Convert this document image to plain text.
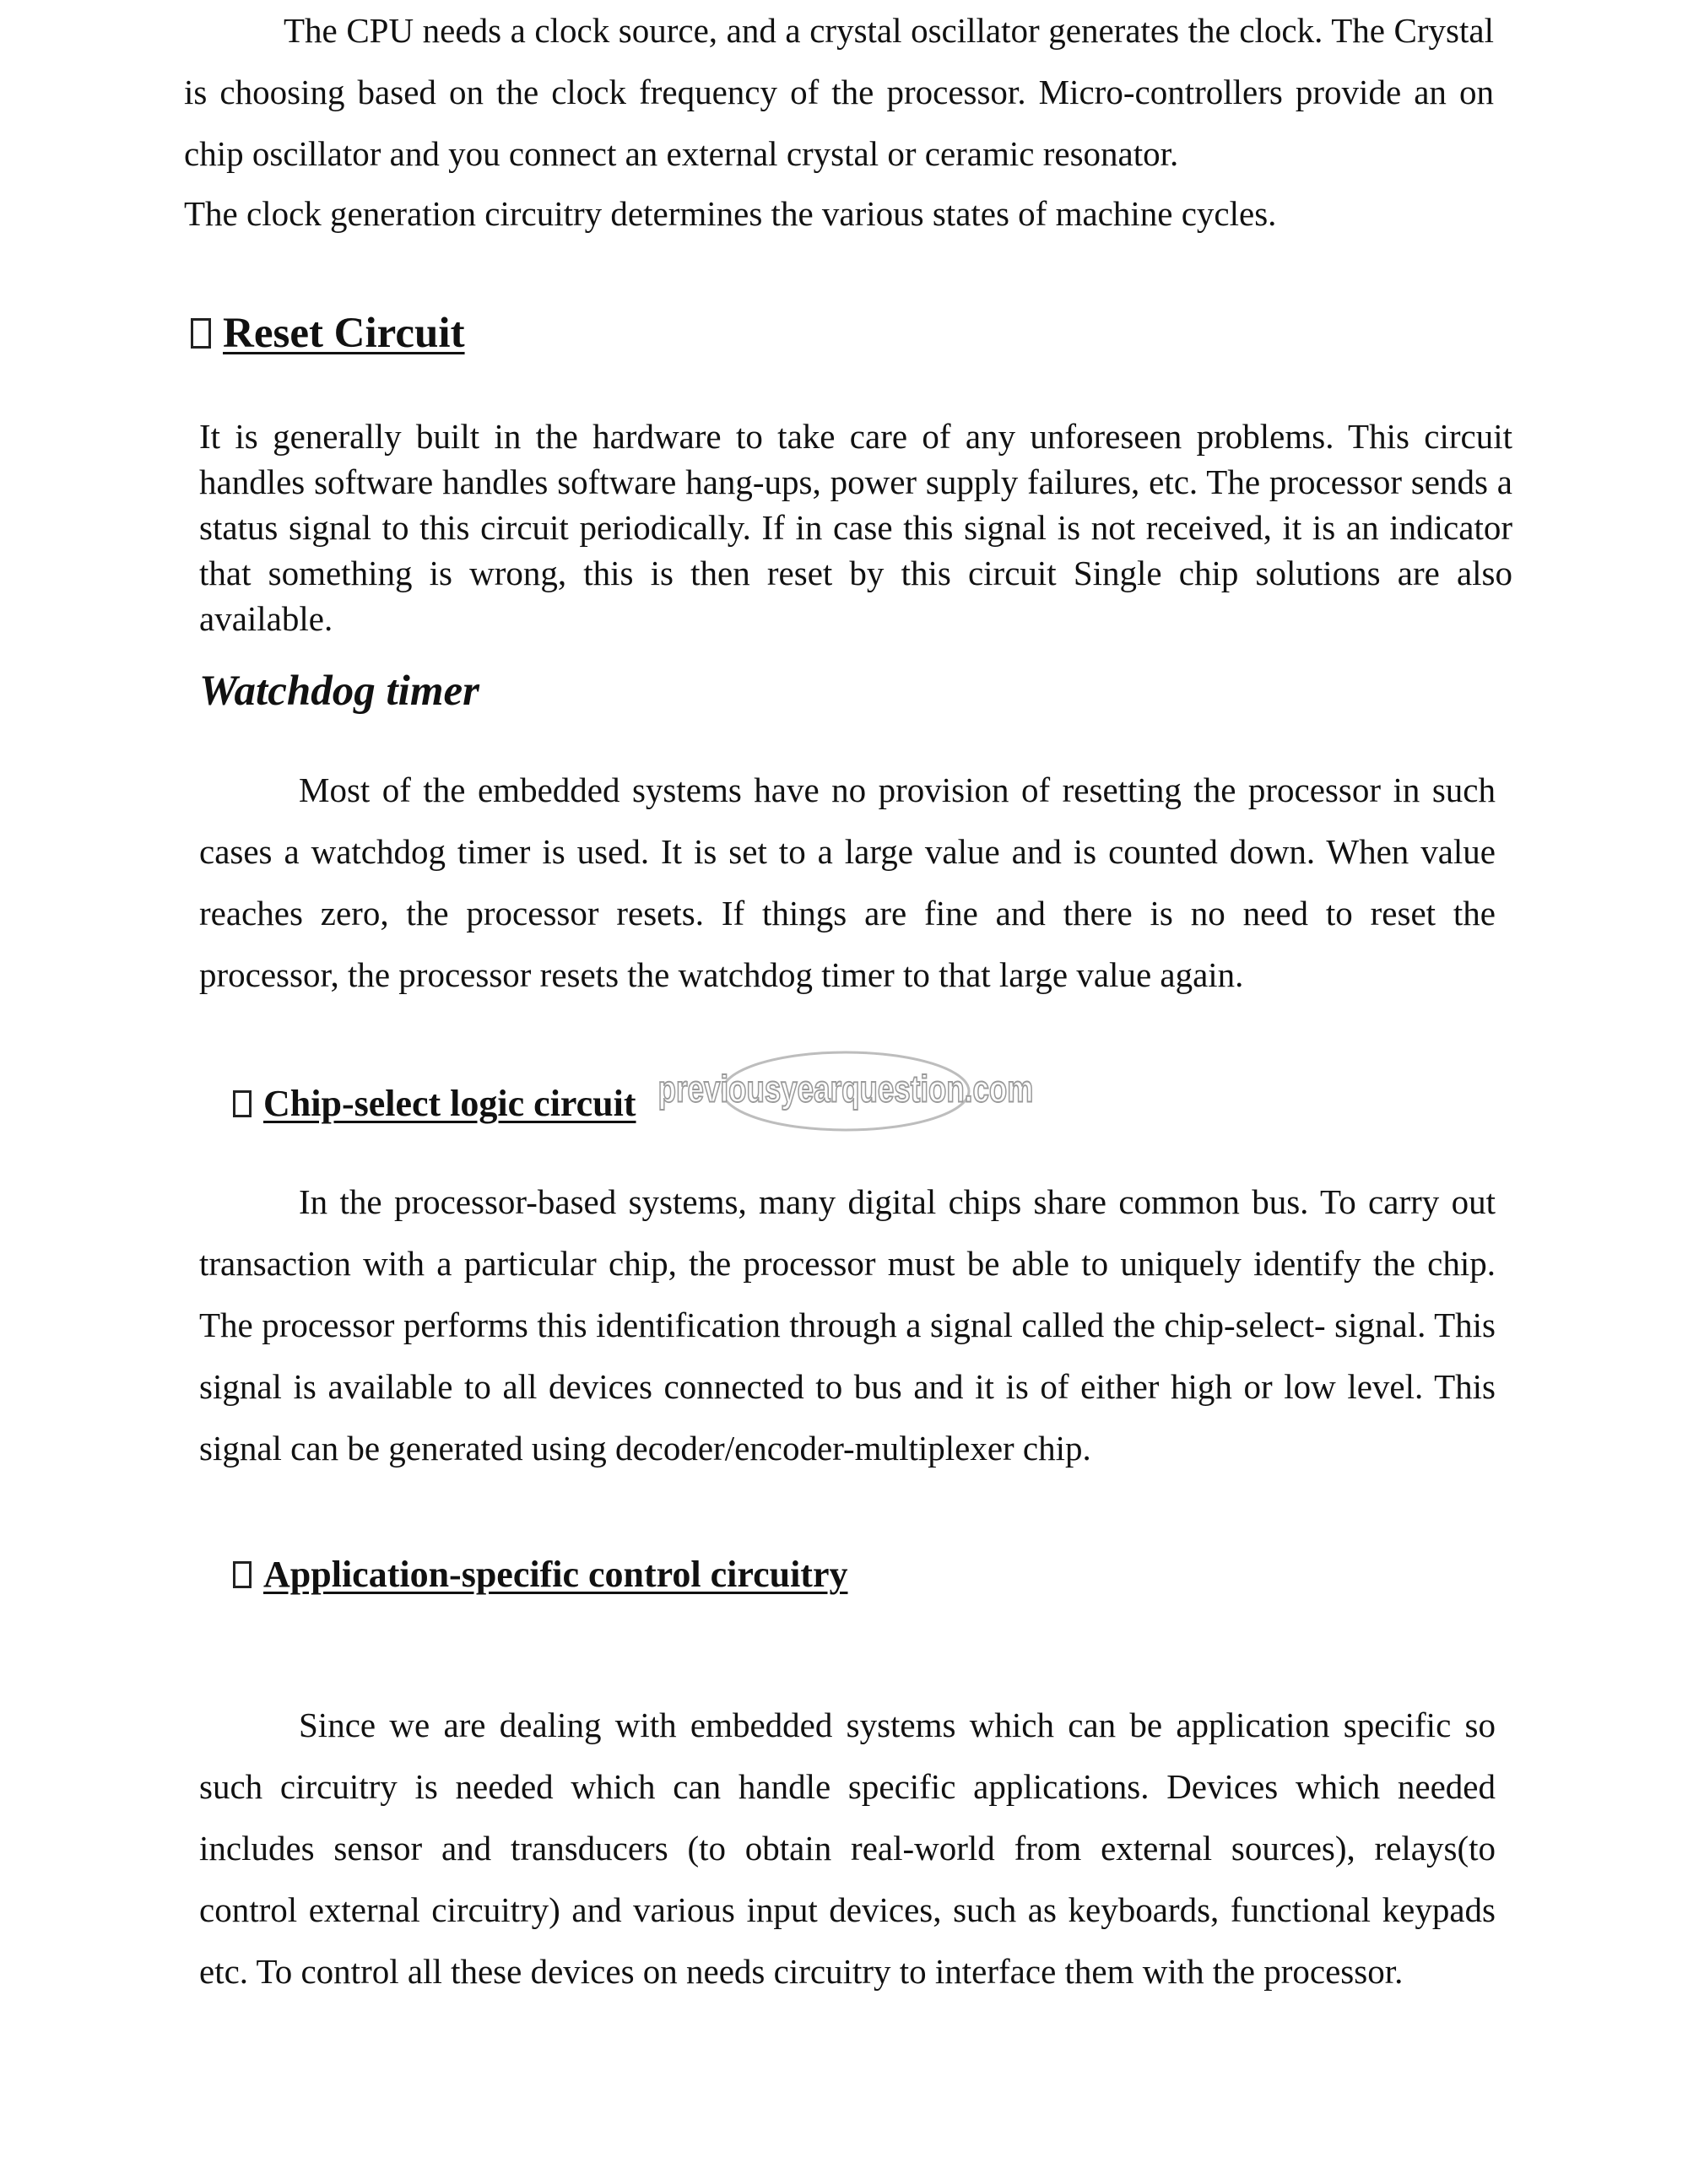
The CPU needs a clock source, and a crystal oscillator generates the clock. The Crystal is choosing based on the clock frequency of the processor. Micro-controllers provide an on chip oscillator and you connect an external crystal or ceramic resonator.

The clock generation circuitry determines the various states of machine cycles.

Reset Circuit

It is generally built in the hardware to take care of any unforeseen problems. This circuit handles software handles software hang-ups, power supply failures, etc. The processor sends a status signal to this circuit periodically. If in case this signal is not received, it is an indicator that something is wrong, this is then reset by this circuit Single chip solutions are also available.

Watchdog timer

Most of the embedded systems have no provision of resetting the processor in such cases a watchdog timer is used. It is set to a large value and is counted down. When value reaches zero, the processor resets. If things are fine and there is no need to reset the processor, the processor resets the watchdog timer to that large value again.

Chip-select logic circuit previousyearquestion.com

In the processor-based systems, many digital chips share common bus. To carry out transaction with a particular chip, the processor must be able to uniquely identify the chip. The processor performs this identification through a signal called the chip-select- signal. This signal is available to all devices connected to bus and it is of either high or low level. This signal can be generated using decoder/encoder-multiplexer chip.

Application-specific control circuitry

Since we are dealing with embedded systems which can be application specific so such circuitry is needed which can handle specific applications. Devices which needed includes sensor and transducers (to obtain real-world from external sources), relays(to control external circuitry) and various input devices, such as keyboards, functional keypads etc. To control all these devices on needs circuitry to interface them with the processor.
